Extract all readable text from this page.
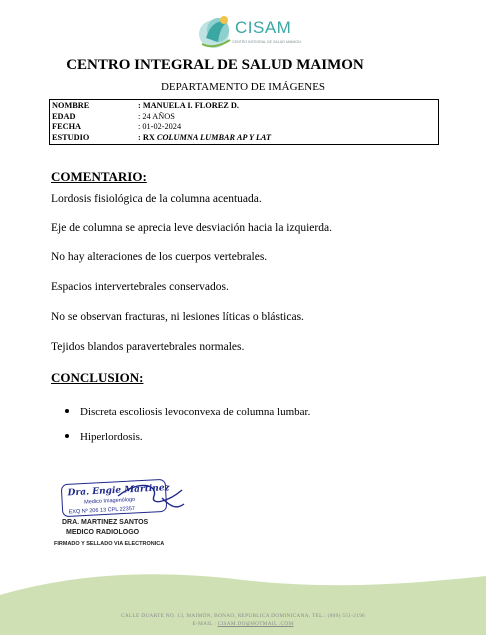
CISAM
CENTRO INTEGRAL DE SALUD MAIMON
CENTRO INTEGRAL DE SALUD MAIMON
DEPARTAMENTO DE IMÁGENES
NOMBRE	: MANUELA I. FLOREZ D.
EDAD	: 24 AÑOS
FECHA	: 01-02-2024
ESTUDIO	: RX COLUMNA LUMBAR AP Y LAT
COMENTARIO:
Lordosis fisiológica de la columna acentuada.
Eje de columna se aprecia leve desviación hacia la izquierda.
No hay alteraciones de los cuerpos vertebrales.
Espacios intervertebrales conservados.
No se observan fracturas, ni lesiones líticas o blásticas.
Tejidos blandos paravertebrales normales.
CONCLUSION:
Discreta escoliosis levoconvexa de columna lumbar.
Hiperlordosis.
Dra. Engie Martinez
Medico Imagenólogo
EXQ Nº 206 13 CPL 22357
DRA. MARTINEZ SANTOS
MEDICO RADIOLOGO
FIRMADO Y SELLADO VIA ELECTRONICA
CALLE DUARTE NO. 13, MAIMÓN, BONAO, REPUBLICA DOMINICANA, TEL.: (809) 551-2196
E-MAIL : CISAM.DO@HOTMAIL .COM
